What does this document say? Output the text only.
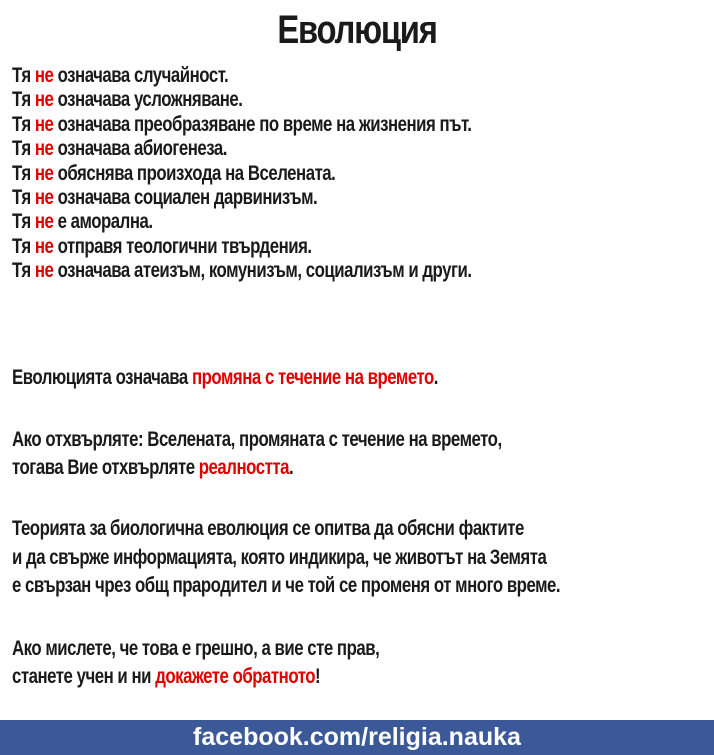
Еволюция
Тя не означава случайност.
Тя не означава усложняване.
Тя не означава преобразяване по време на жизнения път.
Тя не означава абиогенеза.
Тя не обяснява произхода на Вселената.
Тя не означава социален дарвинизъм.
Тя не е аморална.
Тя не отправя теологични твърдения.
Тя не означава атеизъм, комунизъм, социализъм и други.
Еволюцията означава промяна с течение на времето.
Ако отхвърляте: Вселената, промяната с течение на времето,
тогава Вие отхвърляте реалността.
Теорията за биологична еволюция се опитва да обясни фактите
и да свърже информацията, която индикира, че животът на Земята
е свързан чрез общ прародител и че той се променя от много време.
Ако мислете, че това е грешно, а вие сте прав,
станете учен и ни докажете обратното!
facebook.com/religia.nauka
